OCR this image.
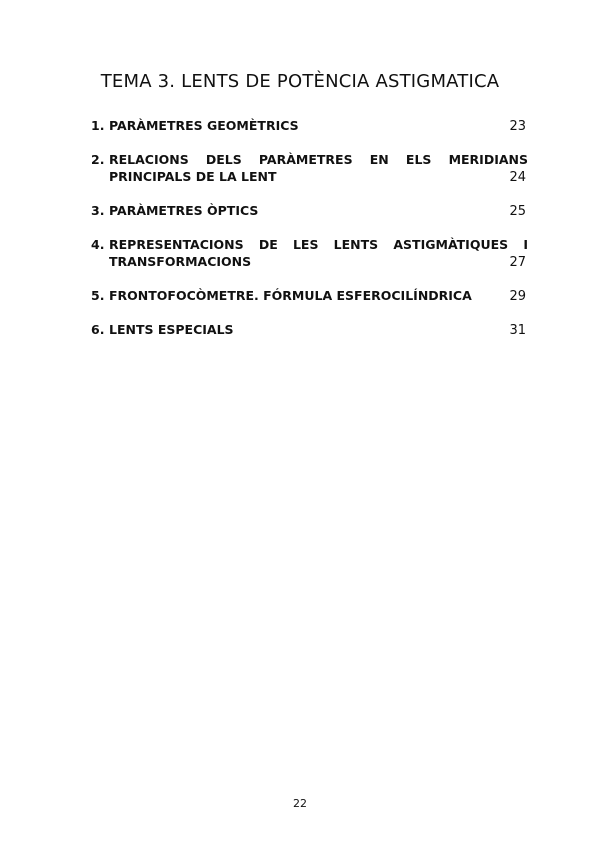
TEMA 3. LENTS DE POTÈNCIA ASTIGMATICA
1. PARÀMETRES GEOMÈTRICS	23
2. RELACIONS DELS PARÀMETRES EN ELS MERIDIANS
PRINCIPALS DE LA LENT	24
3. PARÀMETRES ÒPTICS	25
4. REPRESENTACIONS DE LES LENTS ASTIGMÀTIQUES I
TRANSFORMACIONS	27
5. FRONTOFOCÒMETRE. FÓRMULA ESFEROCILÍNDRICA	29
6. LENTS ESPECIALS	31
22
